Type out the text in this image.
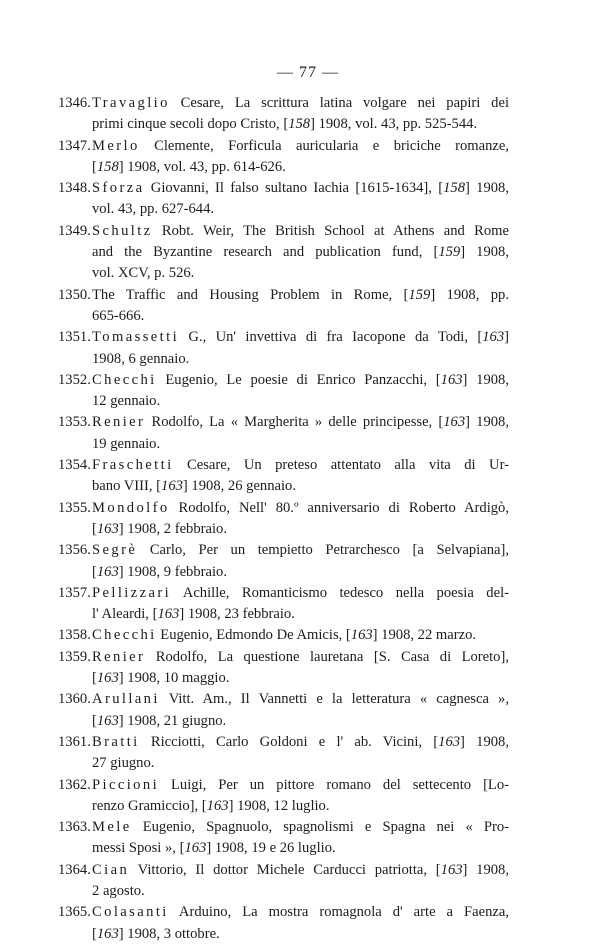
— 77 —
1346. Travaglio Cesare, La scrittura latina volgare nei papiri dei
primi cinque secoli dopo Cristo, [158] 1908, vol. 43, pp. 525-544.
1347. Merlo Clemente, Forficula auricularia e briciche romanze,
[158] 1908, vol. 43, pp. 614-626.
1348. Sforza Giovanni, Il falso sultano Iachia [1615-1634], [158] 1908,
vol. 43, pp. 627-644.
1349. Schultz Robt. Weir, The British School at Athens and Rome
and the Byzantine research and publication fund, [159] 1908,
vol. XCV, p. 526.
1350. The Traffic and Housing Problem in Rome, [159] 1908, pp.
665-666.
1351. Tomassetti G., Un' invettiva di fra Iacopone da Todi, [163]
1908, 6 gennaio.
1352. Checchi Eugenio, Le poesie di Enrico Panzacchi, [163] 1908,
12 gennaio.
1353. Renier Rodolfo, La « Margherita » delle principesse, [163] 1908,
19 gennaio.
1354. Fraschetti Cesare, Un preteso attentato alla vita di Ur-
bano VIII, [163] 1908, 26 gennaio.
1355. Mondolfo Rodolfo, Nell' 80.º anniversario di Roberto Ardigò,
[163] 1908, 2 febbraio.
1356. Segrè Carlo, Per un tempietto Petrarchesco [a Selvapiana],
[163] 1908, 9 febbraio.
1357. Pellizzari Achille, Romanticismo tedesco nella poesia del-
l' Aleardi, [163] 1908, 23 febbraio.
1358. Checchi Eugenio, Edmondo De Amicis, [163] 1908, 22 marzo.
1359. Renier Rodolfo, La questione lauretana [S. Casa di Loreto],
[163] 1908, 10 maggio.
1360. Arullani Vitt. Am., Il Vannetti e la letteratura « cagnesca »,
[163] 1908, 21 giugno.
1361. Bratti Ricciotti, Carlo Goldoni e l' ab. Vicini, [163] 1908,
27 giugno.
1362. Piccioni Luigi, Per un pittore romano del settecento [Lo-
renzo Gramiccio], [163] 1908, 12 luglio.
1363. Mele Eugenio, Spagnuolo, spagnolismi e Spagna nei « Pro-
messi Sposi », [163] 1908, 19 e 26 luglio.
1364. Cian Vittorio, Il dottor Michele Carducci patriotta, [163] 1908,
2 agosto.
1365. Colasanti Arduino, La mostra romagnola d' arte a Faenza,
[163] 1908, 3 ottobre.
